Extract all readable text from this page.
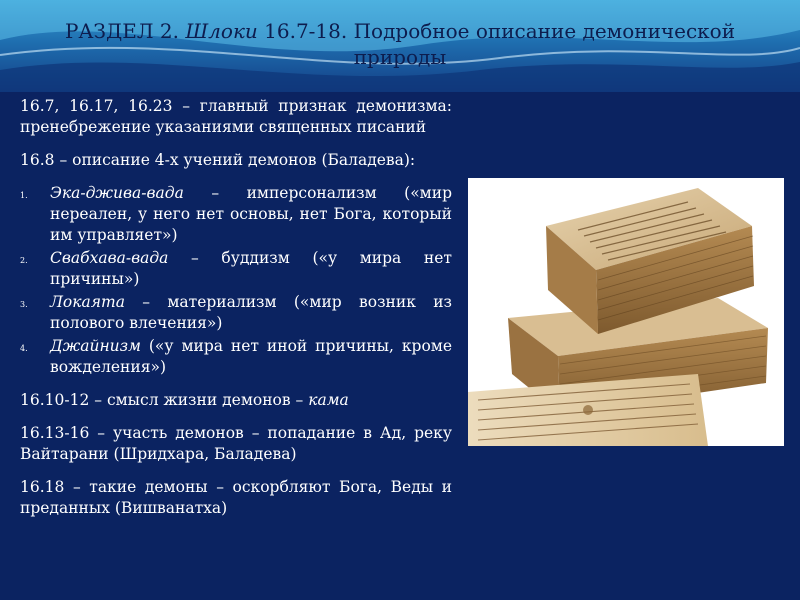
РАЗДЕЛ 2. Шлоки 16.7-18. Подробное описание демонической природы

16.7, 16.17, 16.23 – главный признак демонизма: пренебрежение указаниями священных писаний

16.8 – описание 4-х учений демонов (Баладева):

1. Эка-джива-вада – имперсонализм («мир нереален, у него нет основы, нет Бога, который им управляет»)
2. Свабхава-вада – буддизм («у мира нет причины»)
3. Локаята – материализм («мир возник из полового влечения»)
4. Джайнизм («у мира нет иной причины, кроме вожделения»)

16.10-12 – смысл жизни демонов – кама

16.13-16 – участь демонов – попадание в Ад, реку Вайтарани (Шридхара, Баладева)

16.18 – такие демоны – оскорбляют Бога, Веды и преданных (Вишванатха)
